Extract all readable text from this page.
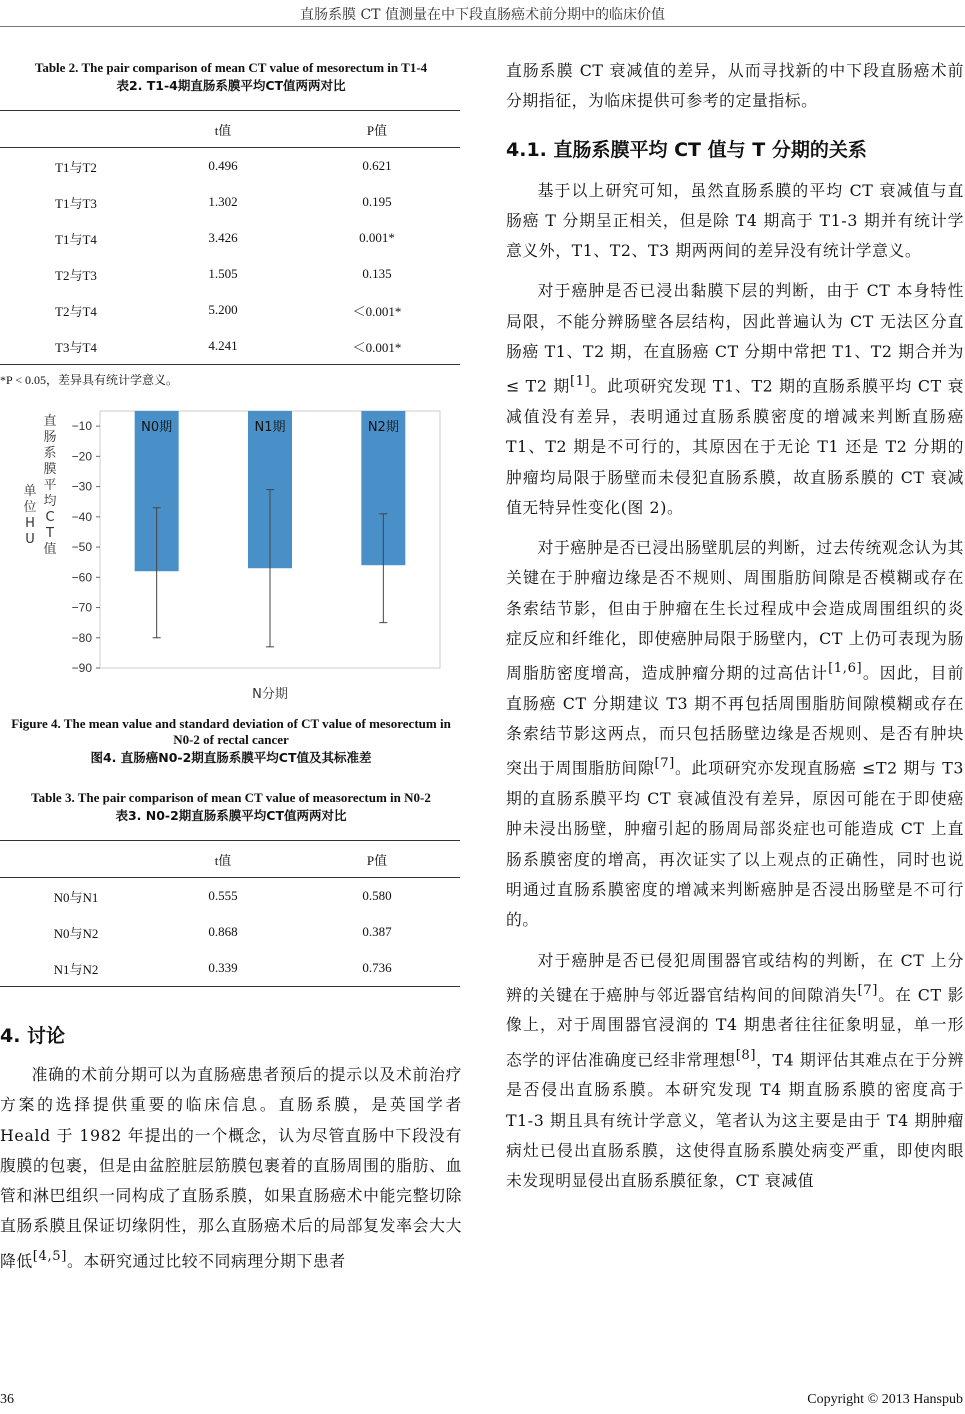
直肠系膜 CT 值测量在中下段直肠癌术前分期中的临床价值
Table 2. The pair comparison of mean CT value of mesorectum in T1-4
表2. T1-4期直肠系膜平均CT值两两对比
	t值	P值
T1与T2	0.496	0.621
T1与T3	1.302	0.195
T1与T4	3.426	0.001*
T2与T3	1.505	0.135
T2与T4	5.200	＜0.001*
T3与T4	4.241	＜0.001*
*P < 0.05，差异具有统计学意义。
单
位
H
U
直
肠
系
膜
平
均
C
T
值
−10
−20
−30
−40
−50
−60
−70
−80
−90
N0期	N1期	N2期
N分期
Figure 4. The mean value and standard deviation of CT value of mesorectum in N0-2 of rectal cancer
图4. 直肠癌N0-2期直肠系膜平均CT值及其标准差
Table 3. The pair comparison of mean CT value of measorectum in N0-2
表3. N0-2期直肠系膜平均CT值两两对比
	t值	P值
N0与N1	0.555	0.580
N0与N2	0.868	0.387
N1与N2	0.339	0.736
4. 讨论

准确的术前分期可以为直肠癌患者预后的提示以及术前治疗方案的选择提供重要的临床信息。直肠系膜，是英国学者 Heald 于 1982 年提出的一个概念，认为尽管直肠中下段没有腹膜的包裹，但是由盆腔脏层筋膜包裹着的直肠周围的脂肪、血管和淋巴组织一同构成了直肠系膜，如果直肠癌术中能完整切除直肠系膜且保证切缘阴性，那么直肠癌术后的局部复发率会大大降低[4,5]。本研究通过比较不同病理分期下患者

直肠系膜 CT 衰减值的差异，从而寻找新的中下段直肠癌术前分期指征，为临床提供可参考的定量指标。

4.1. 直肠系膜平均 CT 值与 T 分期的关系

基于以上研究可知，虽然直肠系膜的平均 CT 衰减值与直肠癌 T 分期呈正相关，但是除 T4 期高于 T1-3 期并有统计学意义外，T1、T2、T3 期两两间的差异没有统计学意义。

对于癌肿是否已浸出黏膜下层的判断，由于 CT 本身特性局限，不能分辨肠壁各层结构，因此普遍认为 CT 无法区分直肠癌 T1、T2 期，在直肠癌 CT 分期中常把 T1、T2 期合并为 ≤ T2 期[1]。此项研究发现 T1、T2 期的直肠系膜平均 CT 衰减值没有差异，表明通过直肠系膜密度的增减来判断直肠癌 T1、T2 期是不可行的，其原因在于无论 T1 还是 T2 分期的肿瘤均局限于肠壁而未侵犯直肠系膜，故直肠系膜的 CT 衰减值无特异性变化(图 2)。

对于癌肿是否已浸出肠壁肌层的判断，过去传统观念认为其关键在于肿瘤边缘是否不规则、周围脂肪间隙是否模糊或存在条索结节影，但由于肿瘤在生长过程成中会造成周围组织的炎症反应和纤维化，即使癌肿局限于肠壁内，CT 上仍可表现为肠周脂肪密度增高，造成肿瘤分期的过高估计[1,6]。因此，目前直肠癌 CT 分期建议 T3 期不再包括周围脂肪间隙模糊或存在条索结节影这两点，而只包括肠壁边缘是否规则、是否有肿块突出于周围脂肪间隙[7]。此项研究亦发现直肠癌 ≤T2 期与 T3 期的直肠系膜平均 CT 衰减值没有差异，原因可能在于即使癌肿未浸出肠壁，肿瘤引起的肠周局部炎症也可能造成 CT 上直肠系膜密度的增高，再次证实了以上观点的正确性，同时也说明通过直肠系膜密度的增减来判断癌肿是否浸出肠壁是不可行的。

对于癌肿是否已侵犯周围器官或结构的判断，在 CT 上分辨的关键在于癌肿与邻近器官结构间的间隙消失[7]。在 CT 影像上，对于周围器官浸润的 T4 期患者往往征象明显，单一形态学的评估准确度已经非常理想[8]，T4 期评估其难点在于分辨是否侵出直肠系膜。本研究发现 T4 期直肠系膜的密度高于 T1-3 期且具有统计学意义，笔者认为这主要是由于 T4 期肿瘤病灶已侵出直肠系膜，这使得直肠系膜处病变严重，即使肉眼未发现明显侵出直肠系膜征象，CT 衰减值

36	Copyright © 2013 Hanspub
